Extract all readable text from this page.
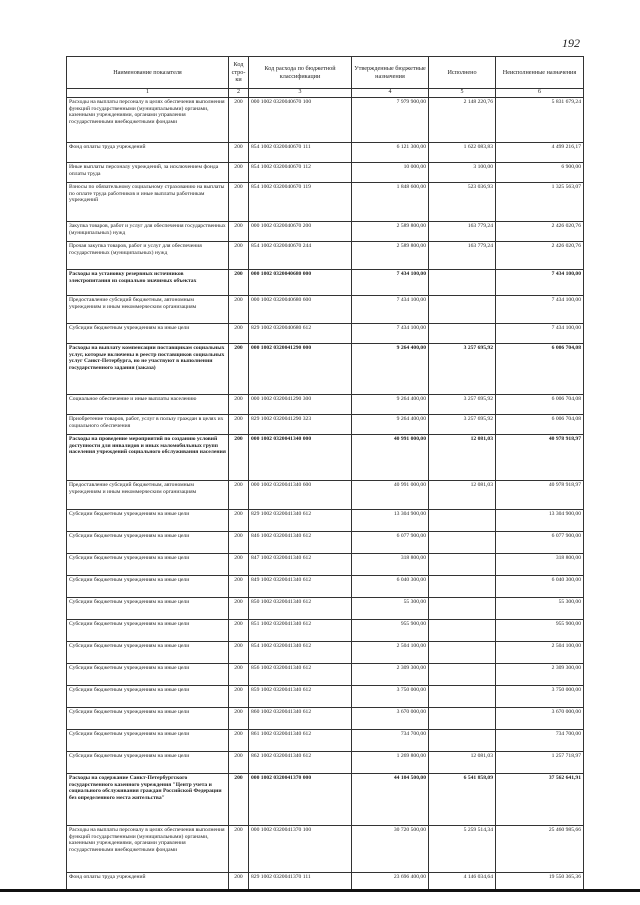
192
Наименование показателя	Код стро-ки	Код расхода по бюджетной классификации	Утвержденные бюджетные назначения	Исполнено	Неисполненные назначения
1	2	3	4	5	6
Расходы на выплаты персоналу в целях обеспечения выполнения функций государственными (муниципальными) органами, казенными учреждениями, органами управления государственными внебюджетными фондами	200	000 1002 0320040670 100	7 979 900,00	2 148 220,76	5 831 679,24
Фонд оплаты труда учреждений	200	854 1002 0320040670 111	6 121 300,00	1 622 083,83	4 499 216,17
Иные выплаты персоналу учреждений, за исключением фонда оплаты труда	200	854 1002 0320040670 112	10 000,00	3 100,00	6 900,00
Взносы по обязательному социальному страхованию на выплаты по оплате труда работников и иные выплаты работникам учреждений	200	854 1002 0320040670 119	1 848 600,00	523 036,93	1 325 563,07
Закупка товаров, работ и услуг для обеспечения государственных (муниципальных) нужд	200	000 1002 0320040670 200	2 589 800,00	163 779,24	2 426 020,76
Прочая закупка товаров, работ и услуг для обеспечения государственных (муниципальных) нужд	200	854 1002 0320040670 244	2 589 800,00	163 779,24	2 426 020,76
Расходы на установку резервных источников электропитания из социально значимых объектах	200	000 1002 0320040680 000	7 434 100,00		7 434 100,00
Предоставление субсидий бюджетным, автономным учреждениям и иным некоммерческим организациям	200	000 1002 0320040680 600	7 434 100,00		7 434 100,00
Субсидии бюджетным учреждениям на иные цели	200	829 1002 0320040680 612	7 434 100,00		7 434 100,00
Расходы на выплату компенсации поставщикам социальных услуг, которые включены в реестр поставщиков социальных услуг Санкт-Петербурга, но не участвуют в выполнении государственного задания (заказа)	200	000 1002 0320041290 000	9 264 400,00	3 257 695,92	6 006 704,08
Социальное обеспечение и иные выплаты населению	200	000 1002 0320041290 300	9 264 400,00	3 257 695,92	6 006 704,08
Приобретение товаров, работ, услуг в пользу граждан в целях их социального обеспечения	200	829 1002 0320041290 323	9 264 400,00	3 257 695,92	6 006 704,08
Расходы на проведение мероприятий по созданию условий доступности для инвалидов и иных маломобильных групп населения учреждений социального обслуживания населения	200	000 1002 0320041340 000	40 991 000,00	12 081,03	40 978 918,97
Предоставление субсидий бюджетным, автономным учреждениям и иным некоммерческим организациям	200	000 1002 0320041340 600	40 991 000,00	12 081,03	40 978 918,97
Субсидии бюджетным учреждениям на иные цели	200	829 1002 0320041340 612	13 304 900,00		13 304 900,00
Субсидии бюджетным учреждениям на иные цели	200	846 1002 0320041340 612	6 077 900,00		6 077 900,00
Субсидии бюджетным учреждениям на иные цели	200	847 1002 0320041340 612	318 800,00		318 800,00
Субсидии бюджетным учреждениям на иные цели	200	849 1002 0320041340 612	6 040 300,00		6 040 300,00
Субсидии бюджетным учреждениям на иные цели	200	850 1002 0320041340 612	55 300,00		55 300,00
Субсидии бюджетным учреждениям на иные цели	200	851 1002 0320041340 612	955 900,00		955 900,00
Субсидии бюджетным учреждениям на иные цели	200	854 1002 0320041340 612	2 504 100,00		2 504 100,00
Субсидии бюджетным учреждениям на иные цели	200	856 1002 0320041340 612	2 309 300,00		2 309 300,00
Субсидии бюджетным учреждениям на иные цели	200	859 1002 0320041340 612	3 750 000,00		3 750 000,00
Субсидии бюджетным учреждениям на иные цели	200	860 1002 0320041340 612	3 670 000,00		3 670 000,00
Субсидии бюджетным учреждениям на иные цели	200	861 1002 0320041340 612	734 700,00		734 700,00
Субсидии бюджетным учреждениям на иные цели	200	862 1002 0320041340 612	1 269 800,00	12 081,03	1 257 718,97
Расходы на содержание Санкт-Петербургского государственного казенного учреждения "Центр учета и социального обслуживания граждан Российской Федерации без определенного места жительства"	200	000 1002 0320041370 000	44 104 500,00	6 541 858,09	37 562 641,91
Расходы на выплаты персоналу в целях обеспечения выполнения функций государственными (муниципальными) органами, казенными учреждениями, органами управления государственными внебюджетными фондами	200	000 1002 0320041370 100	30 720 500,00	5 259 514,34	25 460 985,66
Фонд оплаты труда учреждений	200	829 1002 0320041370 111	23 696 400,00	4 146 034,64	19 550 365,36
